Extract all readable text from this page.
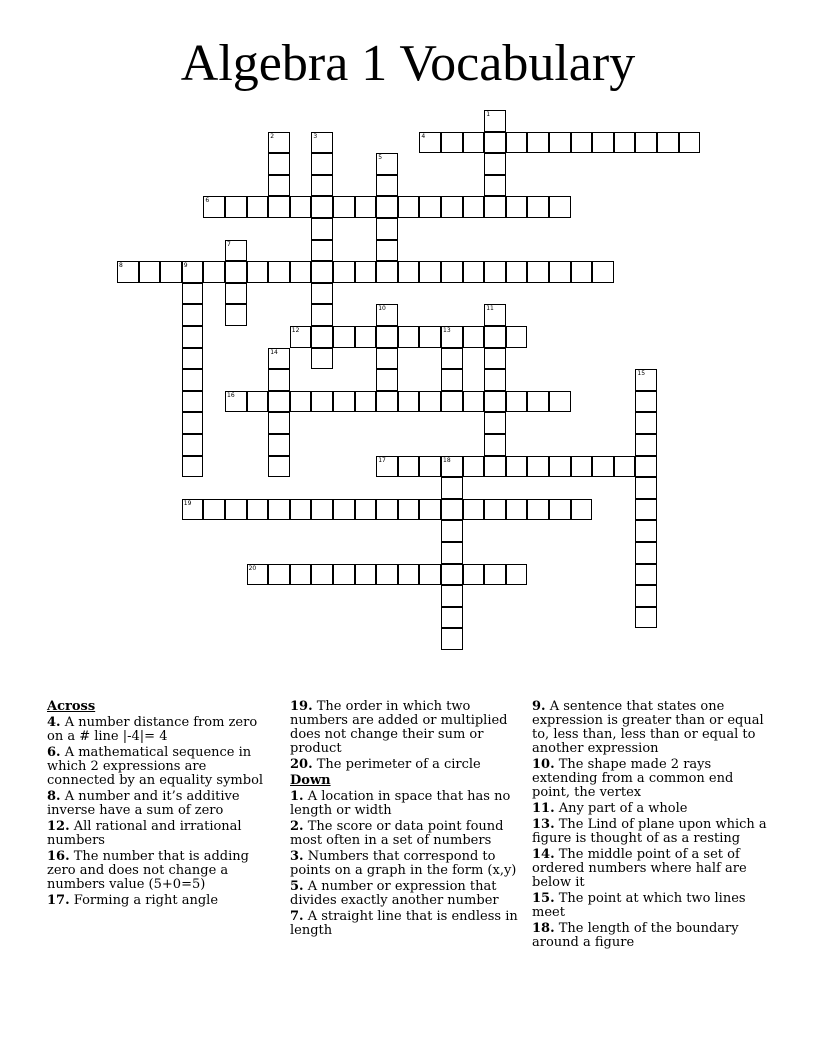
Algebra 1 Vocabulary
1
2	3	4
5
6
7
8	9
10	11
12	13
14
15
16
17	18
19
20
Across
4. A number distance from zero on a # line |-4|= 4
6. A mathematical sequence in which 2 expressions are connected by an equality symbol
8. A number and it’s additive inverse have a sum of zero
12. All rational and irrational numbers
16. The number that is adding zero and does not change a numbers value (5+0=5)
17. Forming a right angle
19. The order in which two numbers are added or multiplied does not change their sum or product
20. The perimeter of a circle
Down
1. A location in space that has no length or width
2. The score or data point found most often in a set of numbers
3. Numbers that correspond to points on a graph in the form (x,y)
5. A number or expression that divides exactly another number
7. A straight line that is endless in length
9. A sentence that states one expression is greater than or equal to, less than, less than or equal to another expression
10. The shape made 2 rays extending from a common end point, the vertex
11. Any part of a whole
13. The Lind of plane upon which a figure is thought of as a resting
14. The middle point of a set of ordered numbers where half are below it
15. The point at which two lines meet
18. The length of the boundary around a figure
